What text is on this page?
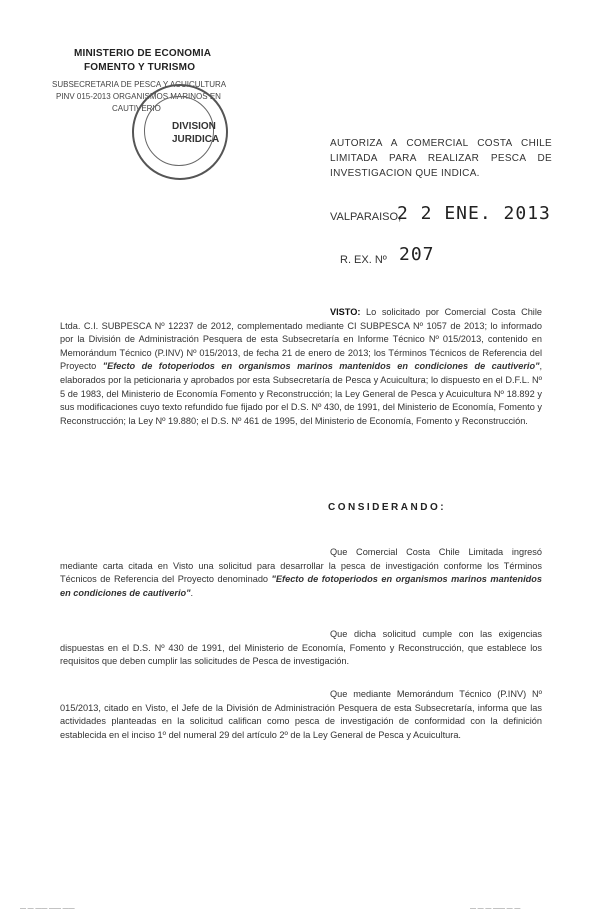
MINISTERIO DE ECONOMIA
FOMENTO Y TURISMO
SUBSECRETARIA DE PESCA Y ACUICULTURA
PINV 015-2013 ORGANISMOS MARINOS EN
CAUTIVERIO
DIVISION
JURIDICA	AUTORIZA A COMERCIAL COSTA CHILE LIMITADA PARA REALIZAR PESCA DE INVESTIGACION QUE INDICA.
VALPARAISO,
2 2 ENE. 2013
R. EX. Nº 207
VISTO: Lo solicitado por Comercial Costa Chile Ltda. C.I. SUBPESCA Nº 12237 de 2012, complementado mediante CI SUBPESCA Nº 1057 de 2013; lo informado por la División de Administración Pesquera de esta Subsecretaría en Informe Técnico Nº 015/2013, contenido en Memorándum Técnico (P.INV) Nº 015/2013, de fecha 21 de enero de 2013; los Términos Técnicos de Referencia del Proyecto "Efecto de fotoperiodos en organismos marinos mantenidos en condiciones de cautiverio", elaborados por la peticionaria y aprobados por esta Subsecretaría de Pesca y Acuicultura; lo dispuesto en el D.F.L. Nº 5 de 1983, del Ministerio de Economía Fomento y Reconstrucción; la Ley General de Pesca y Acuicultura Nº 18.892 y sus modificaciones cuyo texto refundido fue fijado por el D.S. Nº 430, de 1991, del Ministerio de Economía, Fomento y Reconstrucción; la Ley Nº 19.880; el D.S. Nº 461 de 1995, del Ministerio de Economía, Fomento y Reconstrucción.
CONSIDERANDO:
Que Comercial Costa Chile Limitada ingresó mediante carta citada en Visto una solicitud para desarrollar la pesca de investigación conforme los Términos Técnicos de Referencia del Proyecto denominado "Efecto de fotoperiodos en organismos marinos mantenidos en condiciones de cautiverio".
Que dicha solicitud cumple con las exigencias dispuestas en el D.S. Nº 430 de 1991, del Ministerio de Economía, Fomento y Reconstrucción, que establece los requisitos que deben cumplir las solicitudes de Pesca de investigación.
Que mediante Memorándum Técnico (P.INV) Nº 015/2013, citado en Visto, el Jefe de la División de Administración Pesquera de esta Subsecretaría, informa que las actividades planteadas en la solicitud califican como pesca de investigación de conformidad con la definición establecida en el inciso 1º del numeral 29 del artículo 2º de la Ley General de Pesca y Acuicultura.
— — —— —— ——	— — — —— — —
